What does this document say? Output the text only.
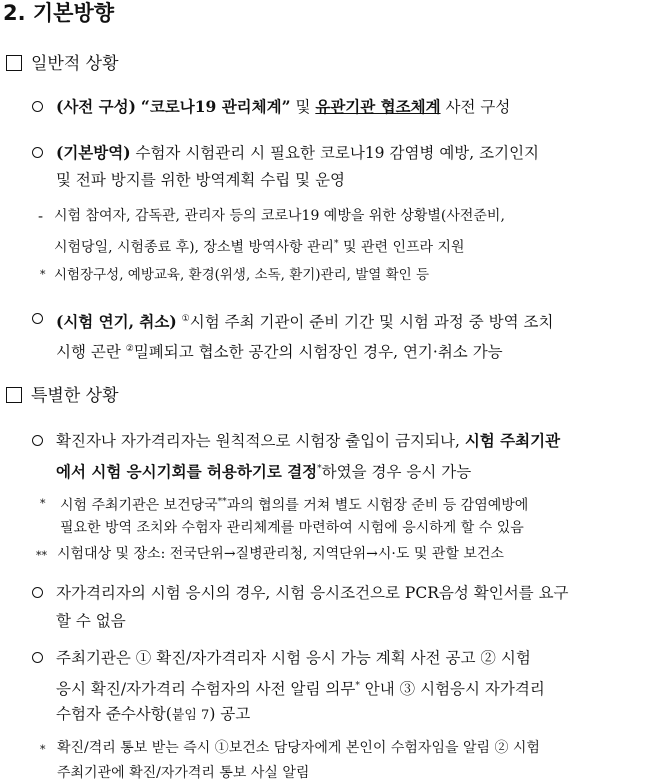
2. 기본방향
일반적 상황
(사전 구성) “코로나19 관리체계” 및 유관기관 협조체계 사전 구성
(기본방역) 수험자 시험관리 시 필요한 코로나19 감염병 예방, 조기인지
및 전파 방지를 위한 방역계획 수립 및 운영
- 시험 참여자, 감독관, 관리자 등의 코로나19 예방을 위한 상황별(사전준비,
시험당일, 시험종료 후), 장소별 방역사항 관리* 및 관련 인프라 지원
* 시험장구성, 예방교육, 환경(위생, 소독, 환기)관리, 발열 확인 등
(시험 연기, 취소) ①시험 주최 기관이 준비 기간 및 시험 과정 중 방역 조치
시행 곤란 ②밀폐되고 협소한 공간의 시험장인 경우, 연기·취소 가능
특별한 상황
확진자나 자가격리자는 원칙적으로 시험장 출입이 금지되나, 시험 주최기관
에서 시험 응시기회를 허용하기로 결정*하였을 경우 응시 가능
* 시험 주최기관은 보건당국**과의 협의를 거쳐 별도 시험장 준비 등 감염예방에
필요한 방역 조치와 수험자 관리체계를 마련하여 시험에 응시하게 할 수 있음
** 시험대상 및 장소: 전국단위→질병관리청, 지역단위→시·도 및 관할 보건소
자가격리자의 시험 응시의 경우, 시험 응시조건으로 PCR음성 확인서를 요구
할 수 없음
주최기관은 ① 확진/자가격리자 시험 응시 가능 계획 사전 공고 ② 시험
응시 확진/자가격리 수험자의 사전 알림 의무* 안내 ③ 시험응시 자가격리
수험자 준수사항(붙임 7) 공고
* 확진/격리 통보 받는 즉시 ①보건소 담당자에게 본인이 수험자임을 알림 ② 시험
주최기관에 확진/자가격리 통보 사실 알림
